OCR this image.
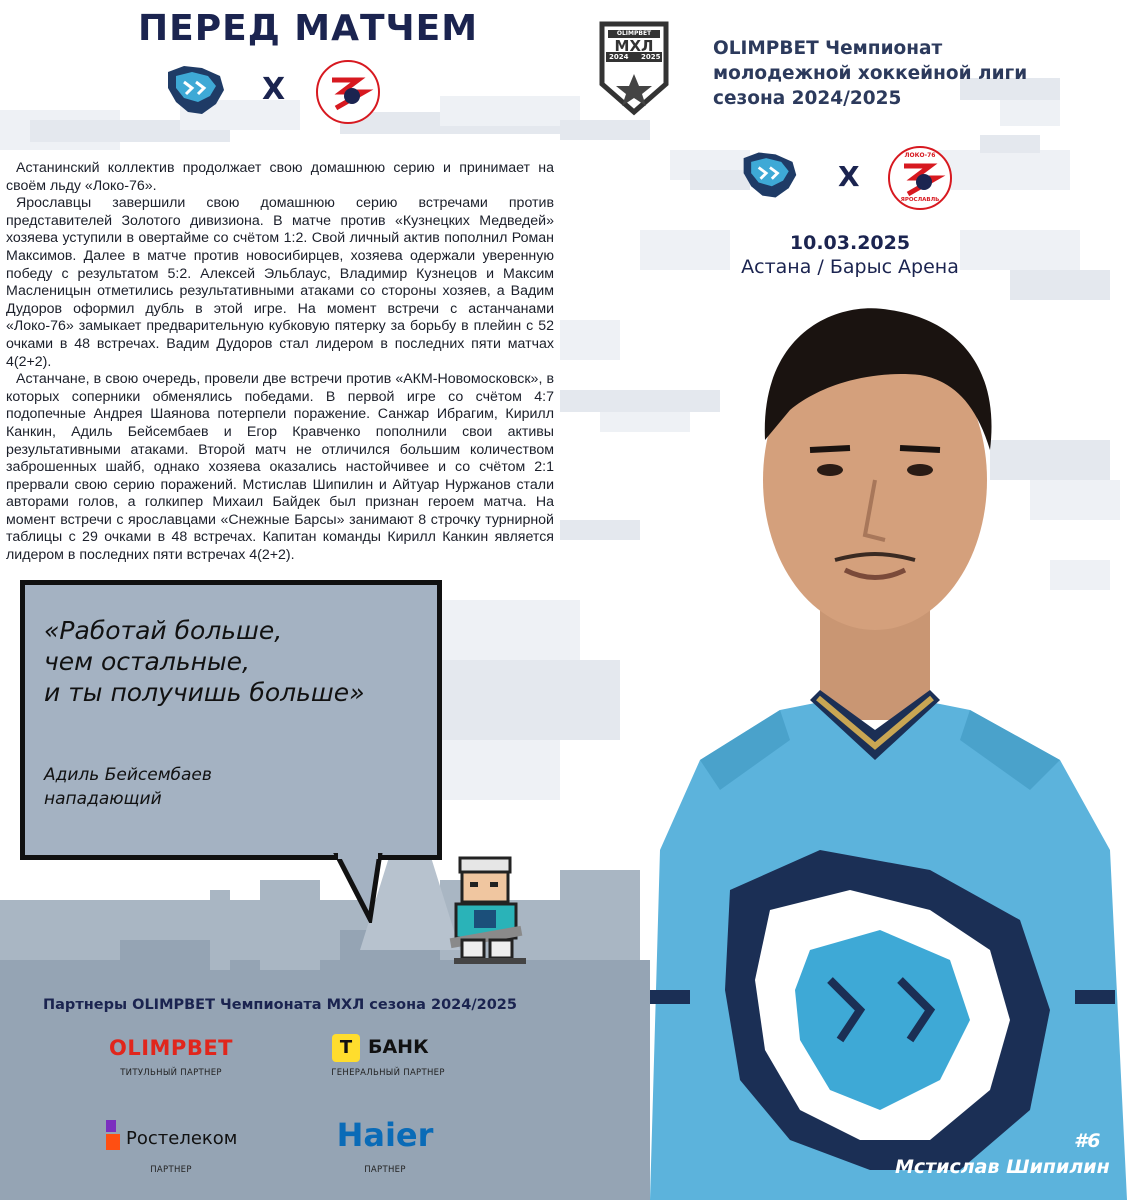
ПЕРЕД МАТЧЕМ
X
OLIMPBET
МХЛ
2024 2025	OLIMPBET Чемпионат
молодежной хоккейной лиги
сезона 2024/2025
X
ЛОКО-76
ЯРОСЛАВЛЬ
10.03.2025
Астана / Барыс Арена

Астанинский коллектив продолжает свою домашнюю серию и принимает на своём льду «Локо-76».

Ярославцы завершили свою домашнюю серию встречами против представителей Золотого дивизиона. В матче против «Кузнецких Медведей» хозяева уступили в овертайме со счётом 1:2. Свой личный актив пополнил Роман Максимов. Далее в матче против новосибирцев, хозяева одержали уверенную победу с результатом 5:2. Алексей Эльблаус, Владимир Кузнецов и Максим Масленицын отметились результативными атаками со стороны хозяев, а Вадим Дудоров оформил дубль в этой игре. На момент встречи с астанчанами «Локо-76» замыкает предварительную кубковую пятерку за борьбу в плейин с 52 очками в 48 встречах. Вадим Дудоров стал лидером в последних пяти матчах 4(2+2).

Астанчане, в свою очередь, провели две встречи против «АКМ-Новомосковск», в которых соперники обменялись победами. В первой игре со счётом 4:7 подопечные Андрея Шаянова потерпели поражение. Санжар Ибрагим, Кирилл Канкин, Адиль Бейсембаев и Егор Кравченко пополнили свои активы результативными атаками. Второй матч не отличился большим количеством заброшенных шайб, однако хозяева оказались настойчивее и со счётом 2:1 прервали свою серию поражений. Мстислав Шипилин и Айтуар Нуржанов стали авторами голов, а голкипер Михаил Байдек был признан героем матча. На момент встречи с ярославцами «Снежные Барсы» занимают 8 строчку турнирной таблицы с 29 очками в 48 встречах. Капитан команды Кирилл Канкин является лидером в последних пяти встречах 4(2+2).

«Работай больше,
чем остальные,
и ты получишь больше»
Адиль Бейсембаев
нападающий
Партнеры OLIMPBET Чемпионата МХЛ сезона 2024/2025
OLIMPBET
ТИТУЛЬНЫЙ ПАРТНЕР
Т БАНК
ГЕНЕРАЛЬНЫЙ ПАРТНЕР
Ростелеком
ПАРТНЕР
Haier
ПАРТНЕР
#6
Мстислав Шипилин
